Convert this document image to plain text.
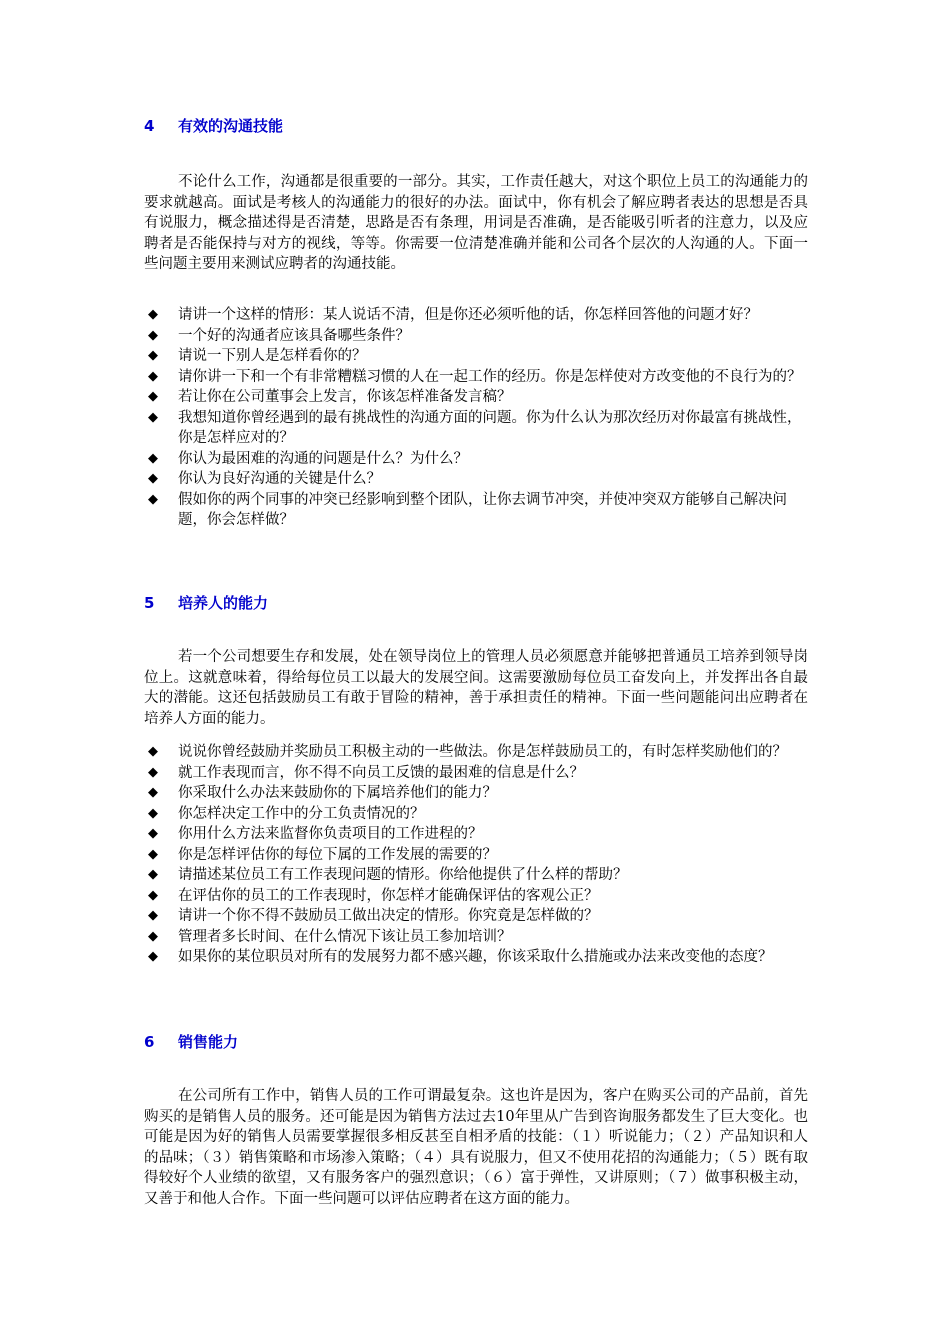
4 有效的沟通技能

不论什么工作，沟通都是很重要的一部分。其实，工作责任越大，对这个职位上员工的沟通能力的要求就越高。面试是考核人的沟通能力的很好的办法。面试中，你有机会了解应聘者表达的思想是否具有说服力，概念描述得是否清楚，思路是否有条理，用词是否准确，是否能吸引听者的注意力，以及应聘者是否能保持与对方的视线，等等。你需要一位清楚准确并能和公司各个层次的人沟通的人。下面一些问题主要用来测试应聘者的沟通技能。

◆ 请讲一个这样的情形：某人说话不清，但是你还必须听他的话，你怎样回答他的问题才好？
◆ 一个好的沟通者应该具备哪些条件？
◆ 请说一下别人是怎样看你的？
◆ 请你讲一下和一个有非常糟糕习惯的人在一起工作的经历。你是怎样使对方改变他的不良行为的？
◆ 若让你在公司董事会上发言，你该怎样准备发言稿？
◆ 我想知道你曾经遇到的最有挑战性的沟通方面的问题。你为什么认为那次经历对你最富有挑战性，你是怎样应对的？
◆ 你认为最困难的沟通的问题是什么？为什么？
◆ 你认为良好沟通的关键是什么？
◆ 假如你的两个同事的冲突已经影响到整个团队，让你去调节冲突，并使冲突双方能够自己解决问题，你会怎样做？
5 培养人的能力

若一个公司想要生存和发展，处在领导岗位上的管理人员必须愿意并能够把普通员工培养到领导岗位上。这就意味着，得给每位员工以最大的发展空间。这需要激励每位员工奋发向上，并发挥出各自最大的潜能。这还包括鼓励员工有敢于冒险的精神，善于承担责任的精神。下面一些问题能问出应聘者在培养人方面的能力。

◆ 说说你曾经鼓励并奖励员工积极主动的一些做法。你是怎样鼓励员工的，有时怎样奖励他们的？
◆ 就工作表现而言，你不得不向员工反馈的最困难的信息是什么？
◆ 你采取什么办法来鼓励你的下属培养他们的能力？
◆ 你怎样决定工作中的分工负责情况的？
◆ 你用什么方法来监督你负责项目的工作进程的？
◆ 你是怎样评估你的每位下属的工作发展的需要的？
◆ 请描述某位员工有工作表现问题的情形。你给他提供了什么样的帮助？
◆ 在评估你的员工的工作表现时，你怎样才能确保评估的客观公正？
◆ 请讲一个你不得不鼓励员工做出决定的情形。你究竟是怎样做的？
◆ 管理者多长时间、在什么情况下该让员工参加培训？
◆ 如果你的某位职员对所有的发展努力都不感兴趣，你该采取什么措施或办法来改变他的态度？
6 销售能力

在公司所有工作中，销售人员的工作可谓最复杂。这也许是因为，客户在购买公司的产品前，首先购买的是销售人员的服务。还可能是因为销售方法过去10年里从广告到咨询服务都发生了巨大变化。也可能是因为好的销售人员需要掌握很多相反甚至自相矛盾的技能：（１）听说能力；（２）产品知识和人的品味；（３）销售策略和市场渗入策略；（４）具有说服力，但又不使用花招的沟通能力；（５）既有取得较好个人业绩的欲望，又有服务客户的强烈意识；（６）富于弹性，又讲原则；（７）做事积极主动，又善于和他人合作。下面一些问题可以评估应聘者在这方面的能力。
